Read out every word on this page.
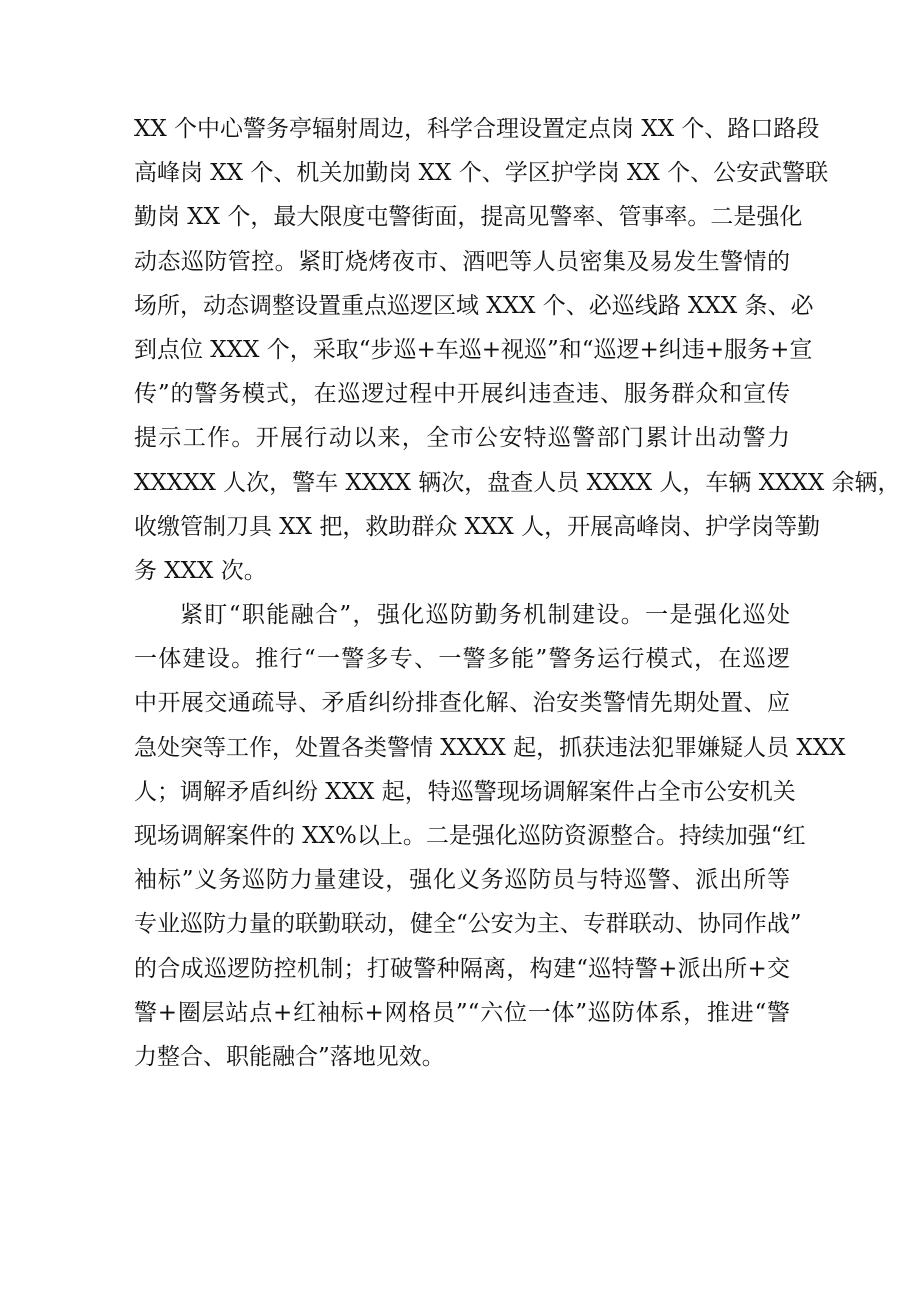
XX 个中心警务亭辐射周边，科学合理设置定点岗 XX 个、路口路段
高峰岗 XX 个、机关加勤岗 XX 个、学区护学岗 XX 个、公安武警联
勤岗 XX 个，最大限度屯警街面，提高见警率、管事率。二是强化
动态巡防管控。紧盯烧烤夜市、酒吧等人员密集及易发生警情的
场所，动态调整设置重点巡逻区域 XXX 个、必巡线路 XXX 条、必
到点位 XXX 个，采取“步巡+车巡+视巡”和“巡逻+纠违+服务+宣
传”的警务模式，在巡逻过程中开展纠违查违、服务群众和宣传
提示工作。开展行动以来，全市公安特巡警部门累计出动警力
XXXXX 人次，警车 XXXX 辆次，盘查人员 XXXX 人，车辆 XXXX 余辆，
收缴管制刀具 XX 把，救助群众 XXX 人，开展高峰岗、护学岗等勤
务 XXX 次。
紧盯“职能融合”，强化巡防勤务机制建设。一是强化巡处
一体建设。推行“一警多专、一警多能”警务运行模式，在巡逻
中开展交通疏导、矛盾纠纷排查化解、治安类警情先期处置、应
急处突等工作，处置各类警情 XXXX 起，抓获违法犯罪嫌疑人员 XXX
人；调解矛盾纠纷 XXX 起，特巡警现场调解案件占全市公安机关
现场调解案件的 XX%以上。二是强化巡防资源整合。持续加强“红
袖标”义务巡防力量建设，强化义务巡防员与特巡警、派出所等
专业巡防力量的联勤联动，健全“公安为主、专群联动、协同作战”
的合成巡逻防控机制；打破警种隔离，构建“巡特警+派出所+交
警+圈层站点+红袖标+网格员”“六位一体”巡防体系，推进“警
力整合、职能融合”落地见效。
